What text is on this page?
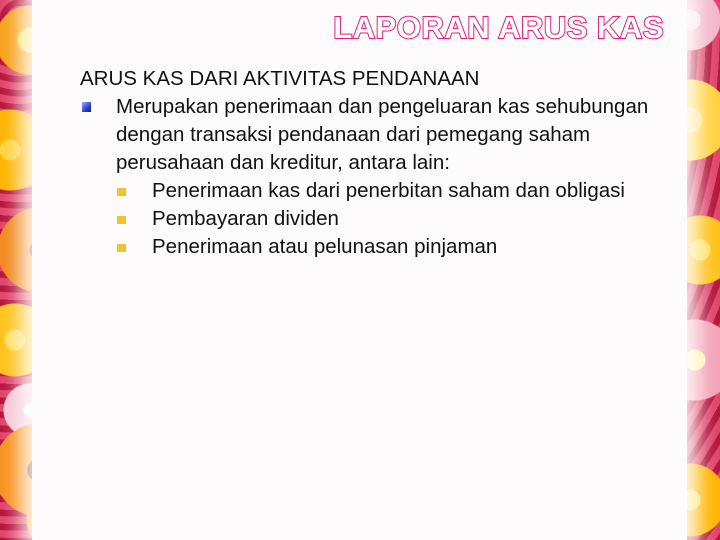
LAPORAN ARUS KAS

ARUS KAS DARI AKTIVITAS PENDANAAN

Merupakan penerimaan dan pengeluaran kas sehubungan dengan transaksi pendanaan dari pemegang saham perusahaan dan kreditur, antara lain:
Penerimaan kas dari penerbitan saham dan obligasi
Pembayaran dividen
Penerimaan atau pelunasan pinjaman
